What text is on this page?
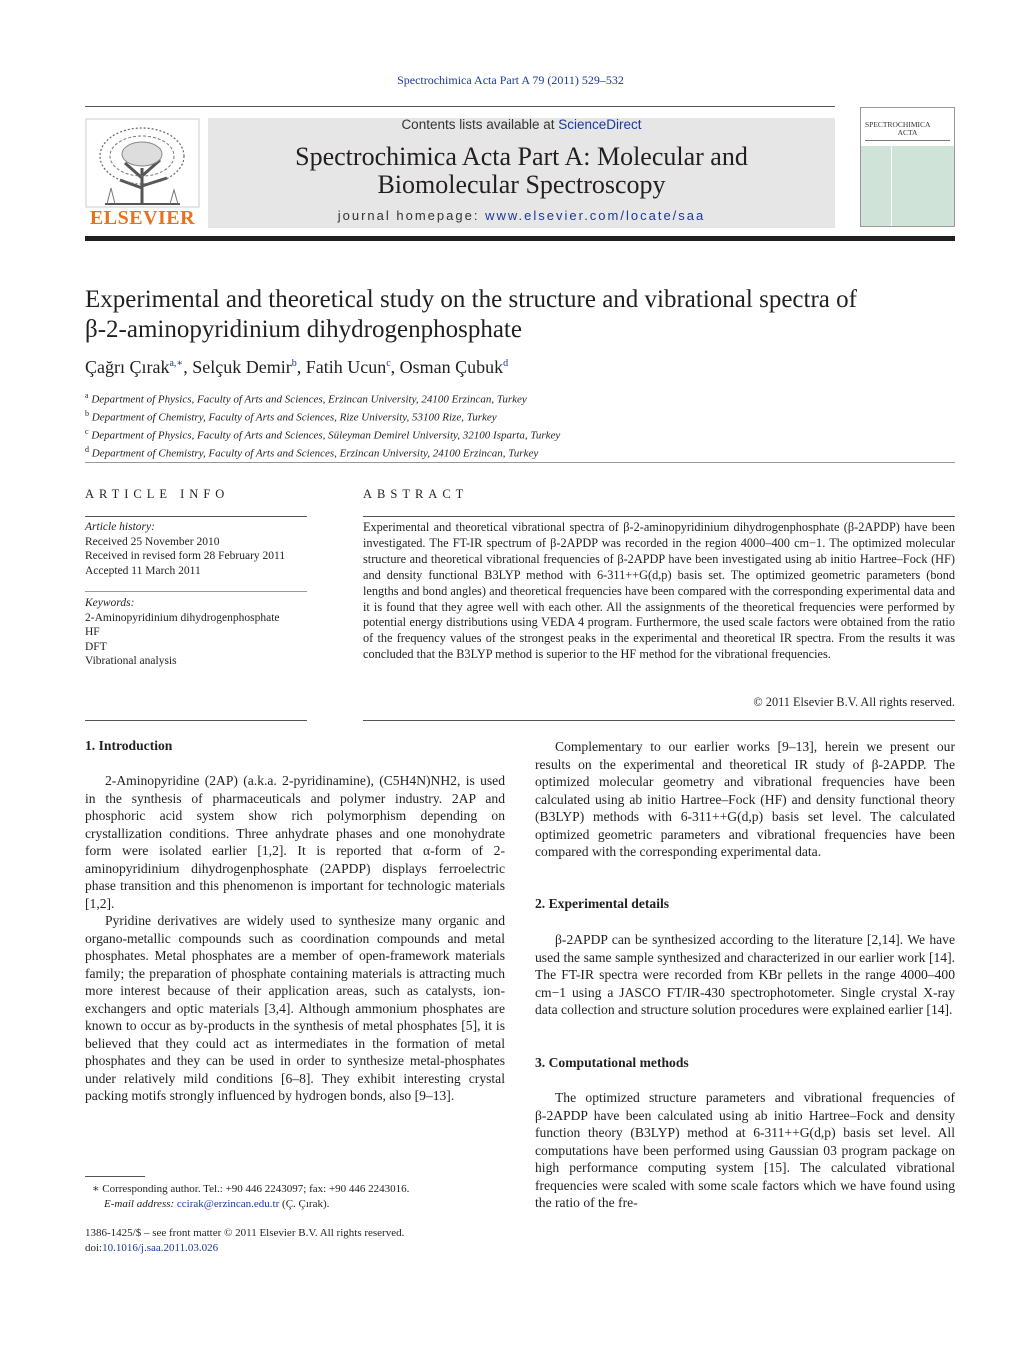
Spectrochimica Acta Part A 79 (2011) 529–532
ELSEVIER
Contents lists available at ScienceDirect
Spectrochimica Acta Part A: Molecular and
Biomolecular Spectroscopy
journal homepage: www.elsevier.com/locate/saa
SPECTROCHIMICA
ACTA
Experimental and theoretical study on the structure and vibrational spectra of
β-2-aminopyridinium dihydrogenphosphate
Çağrı Çırak$^{a,∗}$, Selçuk Demir$^b$, Fatih Ucun$^c$, Osman Çubuk$^d$
$^a$ Department of Physics, Faculty of Arts and Sciences, Erzincan University, 24100 Erzincan, Turkey
$^b$ Department of Chemistry, Faculty of Arts and Sciences, Rize University, 53100 Rize, Turkey
$^c$ Department of Physics, Faculty of Arts and Sciences, Süleyman Demirel University, 32100 Isparta, Turkey
$^d$ Department of Chemistry, Faculty of Arts and Sciences, Erzincan University, 24100 Erzincan, Turkey
ARTICLE INFO
Article history:
Received 25 November 2010
Received in revised form 28 February 2011
Accepted 11 March 2011
Keywords:
2-Aminopyridinium dihydrogenphosphate
HF
DFT
Vibrational analysis
ABSTRACT
Experimental and theoretical vibrational spectra of β-2-aminopyridinium dihydrogenphosphate (β-2APDP) have been investigated. The FT-IR spectrum of β-2APDP was recorded in the region 4000–400 cm−1. The optimized molecular structure and theoretical vibrational frequencies of β-2APDP have been investigated using ab initio Hartree–Fock (HF) and density functional B3LYP method with 6-311++G(d,p) basis set. The optimized geometric parameters (bond lengths and bond angles) and theoretical frequencies have been compared with the corresponding experimental data and it is found that they agree well with each other. All the assignments of the theoretical frequencies were performed by potential energy distributions using VEDA 4 program. Furthermore, the used scale factors were obtained from the ratio of the frequency values of the strongest peaks in the experimental and theoretical IR spectra. From the results it was concluded that the B3LYP method is superior to the HF method for the vibrational frequencies.
© 2011 Elsevier B.V. All rights reserved.
1. Introduction

2-Aminopyridine (2AP) (a.k.a. 2-pyridinamine), (C5H4N)NH2, is used in the synthesis of pharmaceuticals and polymer industry. 2AP and phosphoric acid system show rich polymorphism depending on crystallization conditions. Three anhydrate phases and one monohydrate form were isolated earlier [1,2]. It is reported that α-form of 2-aminopyridinium dihydrogenphosphate (2APDP) displays ferroelectric phase transition and this phenomenon is important for technologic materials [1,2].

Pyridine derivatives are widely used to synthesize many organic and organo-metallic compounds such as coordination compounds and metal phosphates. Metal phosphates are a member of open-framework materials family; the preparation of phosphate containing materials is attracting much more interest because of their application areas, such as catalysts, ion-exchangers and optic materials [3,4]. Although ammonium phosphates are known to occur as by-products in the synthesis of metal phosphates [5], it is believed that they could act as intermediates in the formation of metal phosphates and they can be used in order to synthesize metal-phosphates under relatively mild conditions [6–8]. They exhibit interesting crystal packing motifs strongly influenced by hydrogen bonds, also [9–13].

Complementary to our earlier works [9–13], herein we present our results on the experimental and theoretical IR study of β-2APDP. The optimized molecular geometry and vibrational frequencies have been calculated using ab initio Hartree–Fock (HF) and density functional theory (B3LYP) methods with 6-311++G(d,p) basis set level. The calculated optimized geometric parameters and vibrational frequencies have been compared with the corresponding experimental data.

2. Experimental details

β-2APDP can be synthesized according to the literature [2,14]. We have used the same sample synthesized and characterized in our earlier work [14]. The FT-IR spectra were recorded from KBr pellets in the range 4000–400 cm−1 using a JASCO FT/IR-430 spectrophotometer. Single crystal X-ray data collection and structure solution procedures were explained earlier [14].

3. Computational methods

The optimized structure parameters and vibrational frequencies of β-2APDP have been calculated using ab initio Hartree–Fock and density function theory (B3LYP) method at 6-311++G(d,p) basis set level. All computations have been performed using Gaussian 03 program package on high performance computing system [15]. The calculated vibrational frequencies were scaled with some scale factors which we have found using the ratio of the fre-

∗ Corresponding author. Tel.: +90 446 2243097; fax: +90 446 2243016.
E-mail address: ccirak@erzincan.edu.tr (Ç. Çırak).
1386-1425/$ – see front matter © 2011 Elsevier B.V. All rights reserved.
doi:10.1016/j.saa.2011.03.026
